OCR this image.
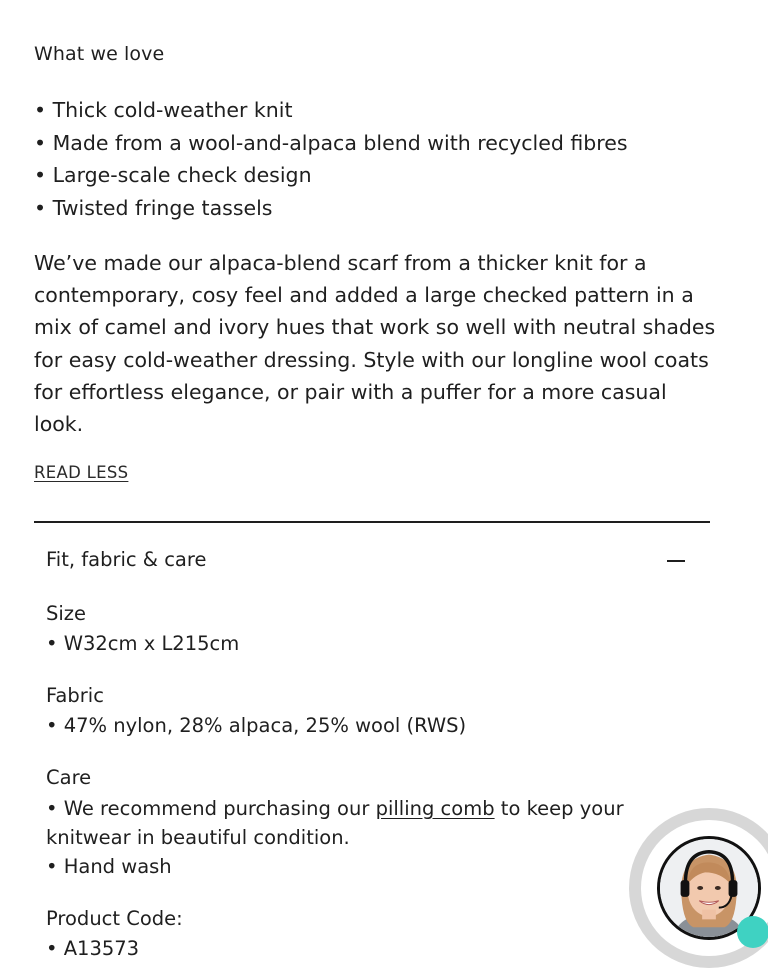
What we love
• Thick cold-weather knit
• Made from a wool-and-alpaca blend with recycled fibres
• Large-scale check design
• Twisted fringe tassels

We’ve made our alpaca-blend scarf from a thicker knit for a
contemporary, cosy feel and added a large checked pattern in a
mix of camel and ivory hues that work so well with neutral shades
for easy cold-weather dressing. Style with our longline wool coats
for effortless elegance, or pair with a puffer for a more casual
look.

READ LESS
Fit, fabric & care
Size
• W32cm x L215cm
Fabric
• 47% nylon, 28% alpaca, 25% wool (RWS)
Care
• We recommend purchasing our pilling comb to keep your
knitwear in beautiful condition.
• Hand wash
Product Code:
• A13573
